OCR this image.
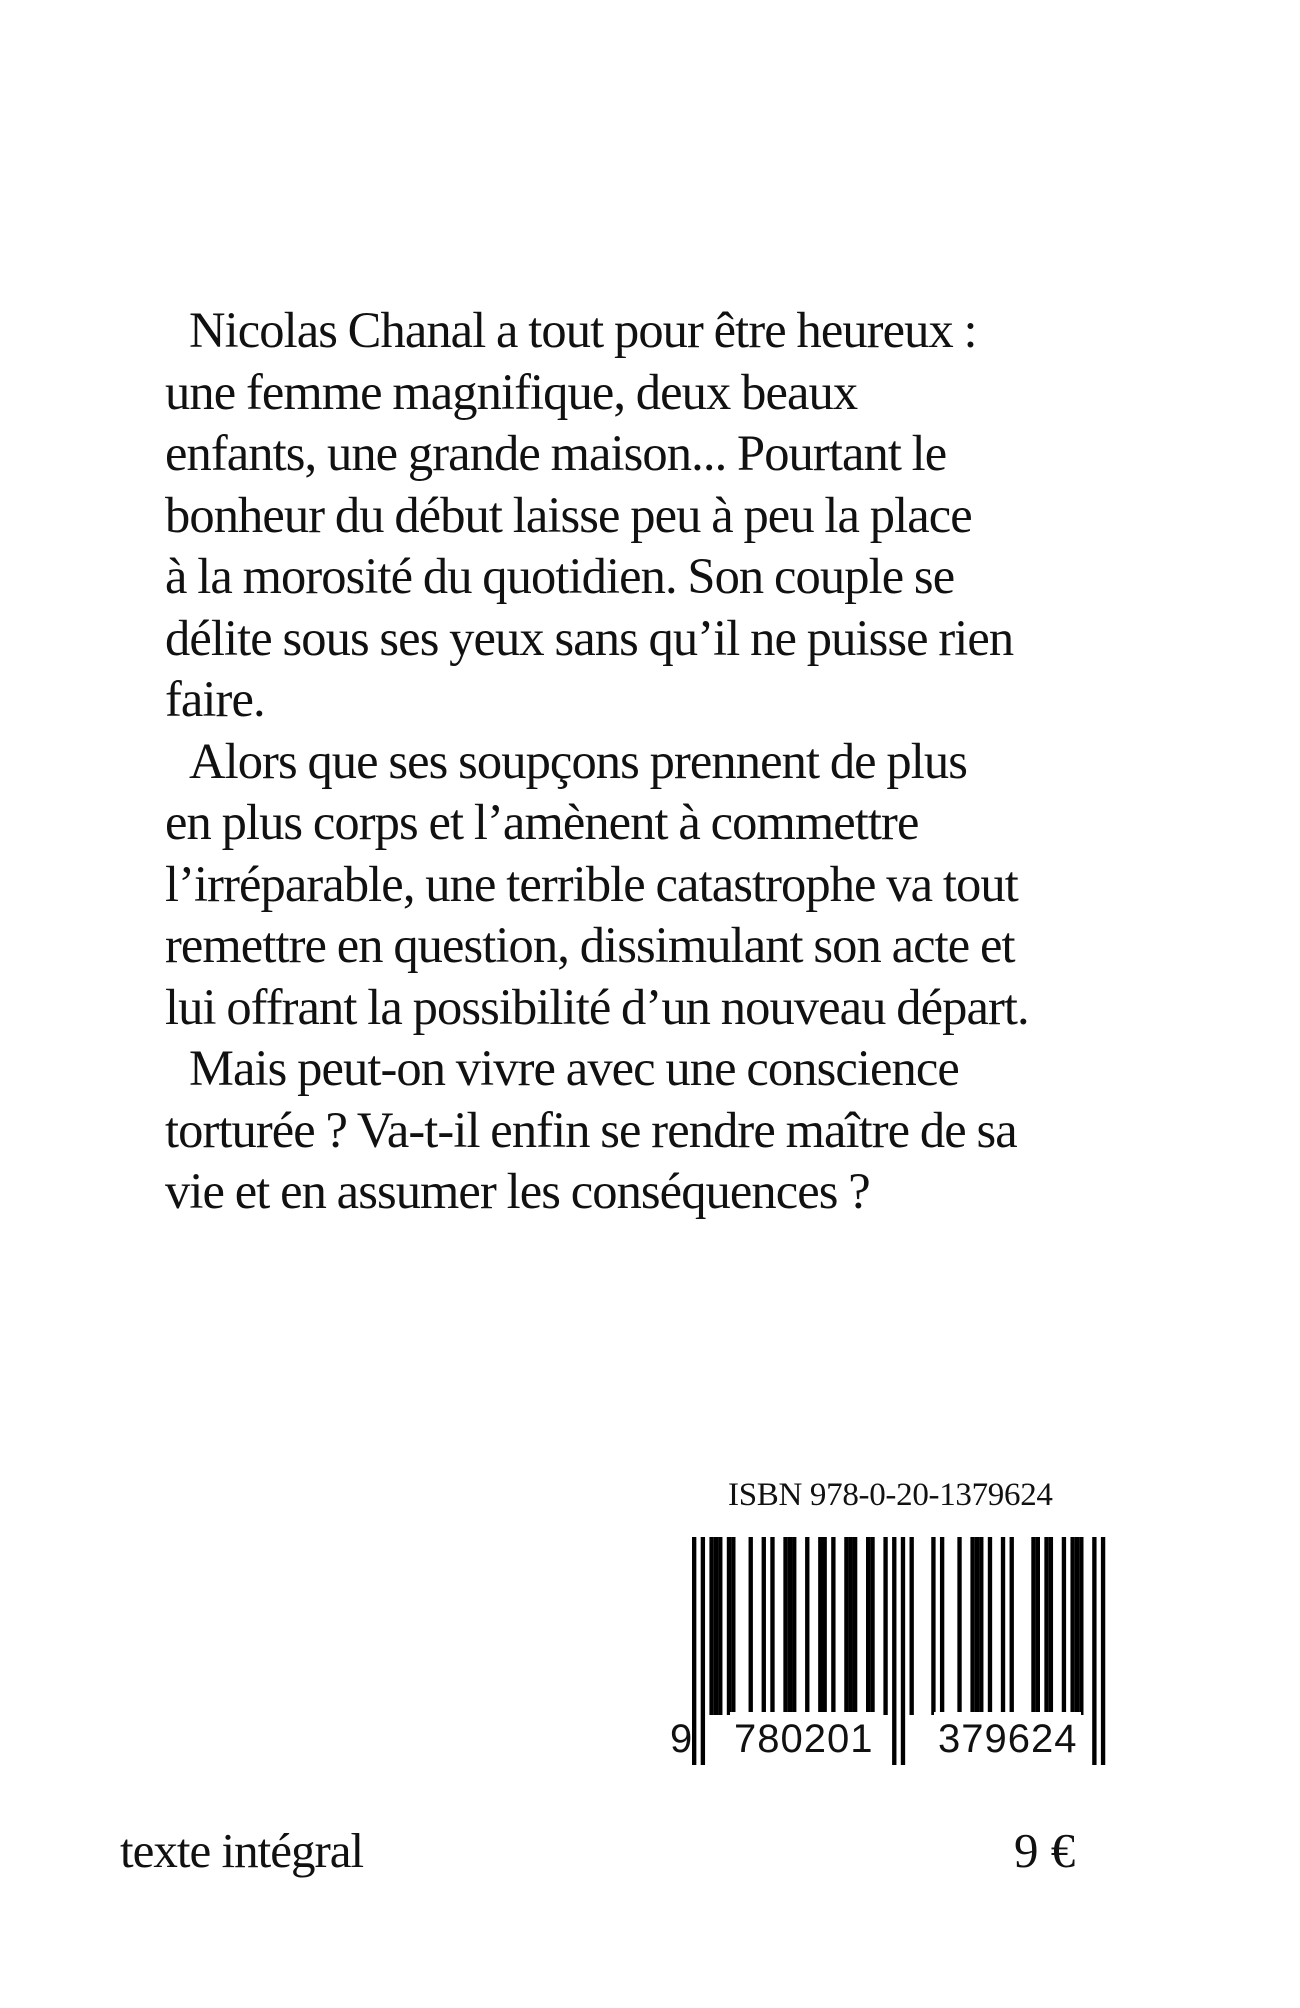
Nicolas Chanal a tout pour être heureux :
une femme magnifique, deux beaux
enfants, une grande maison... Pourtant le
bonheur du début laisse peu à peu la place
à la morosité du quotidien. Son couple se
délite sous ses yeux sans qu’il ne puisse rien
faire.

Alors que ses soupçons prennent de plus
en plus corps et l’amènent à commettre
l’irréparable, une terrible catastrophe va tout
remettre en question, dissimulant son acte et
lui offrant la possibilité d’un nouveau départ.

Mais peut-on vivre avec une conscience
torturée ? Va-t-il enfin se rendre maître de sa
vie et en assumer les conséquences ?

ISBN 978-0-20-1379624
9 780201 379624
texte intégral	9 €
